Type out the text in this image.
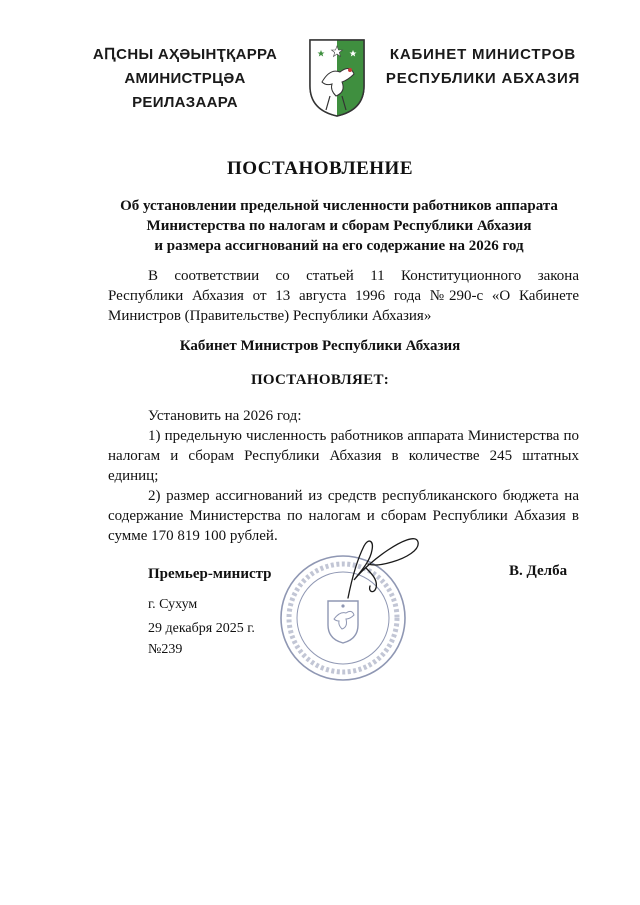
АԤСНЫ АҲӘЫНҬҚАРРА
АМИНИСТРЦӘА РЕИЛАЗААРА
КАБИНЕТ МИНИСТРОВ
РЕСПУБЛИКИ АБХАЗИЯ
ПОСТАНОВЛЕНИЕ
Об установлении предельной численности работников аппарата
Министерства по налогам и сборам Республики Абхазия
и размера ассигнований на его содержание на 2026 год
В соответствии со статьей 11 Конституционного закона Республики Абхазия от 13 августа 1996 года №290-с «О Кабинете Министров (Правительстве) Республики Абхазия»
Кабинет Министров Республики Абхазия
ПОСТАНОВЛЯЕТ:

Установить на 2026 год:

1) предельную численность работников аппарата Министерства по налогам и сборам Республики Абхазия в количестве 245 штатных единиц;

2) размер ассигнований из средств республиканского бюджета на содержание Министерства по налогам и сборам Республики Абхазия в сумме 170 819 100 рублей.

Премьер-министр	В. Делба
г. Сухум
29 декабря 2025 г.
№239
